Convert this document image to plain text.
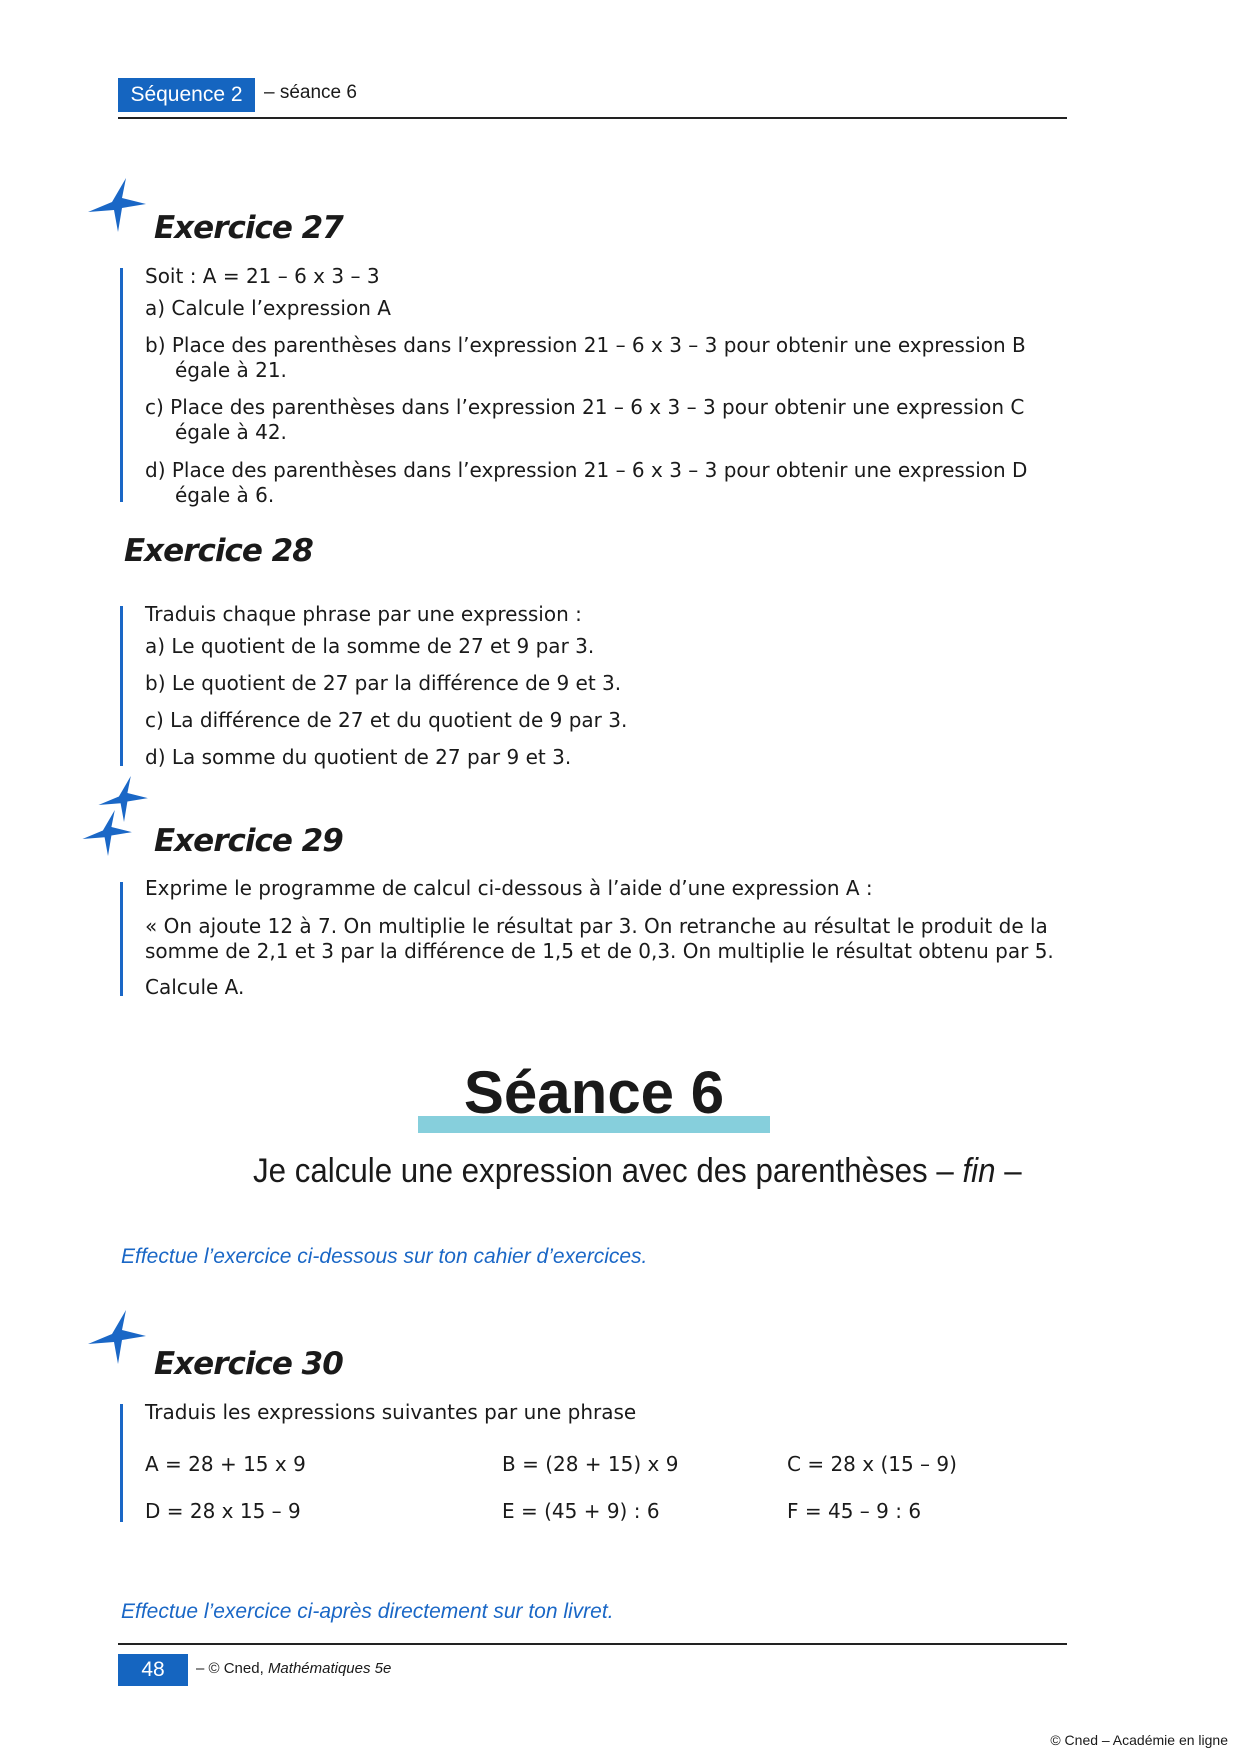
Séquence 2	– séance 6
Exercice 27
Soit : A = 21 – 6 x 3 – 3
a) Calcule l’expression A
b) Place des parenthèses dans l’expression 21 – 6 x 3 – 3 pour obtenir une expression B
égale à 21.
c) Place des parenthèses dans l’expression 21 – 6 x 3 – 3 pour obtenir une expression C
égale à 42.
d) Place des parenthèses dans l’expression 21 – 6 x 3 – 3 pour obtenir une expression D
égale à 6.
Exercice 28
Traduis chaque phrase par une expression :
a) Le quotient de la somme de 27 et 9 par 3.
b) Le quotient de 27 par la différence de 9 et 3.
c) La différence de 27 et du quotient de 9 par 3.
d) La somme du quotient de 27 par 9 et 3.
Exercice 29
Exprime le programme de calcul ci-dessous à l’aide d’une expression A :
« On ajoute 12 à 7. On multiplie le résultat par 3. On retranche au résultat le produit de la
somme de 2,1 et 3 par la différence de 1,5 et de 0,3. On multiplie le résultat obtenu par 5.
Calcule A.
Séance 6
Je calcule une expression avec des parenthèses – fin –
Effectue l’exercice ci-dessous sur ton cahier d’exercices.
Exercice 30
Traduis les expressions suivantes par une phrase
A = 28 + 15 x 9	B = (28 + 15) x 9	C = 28 x (15 – 9)
D = 28 x 15 – 9	E = (45 + 9) : 6	F = 45 – 9 : 6
Effectue l’exercice ci-après directement sur ton livret.
48	– © Cned, Mathématiques 5e
© Cned – Académie en ligne
